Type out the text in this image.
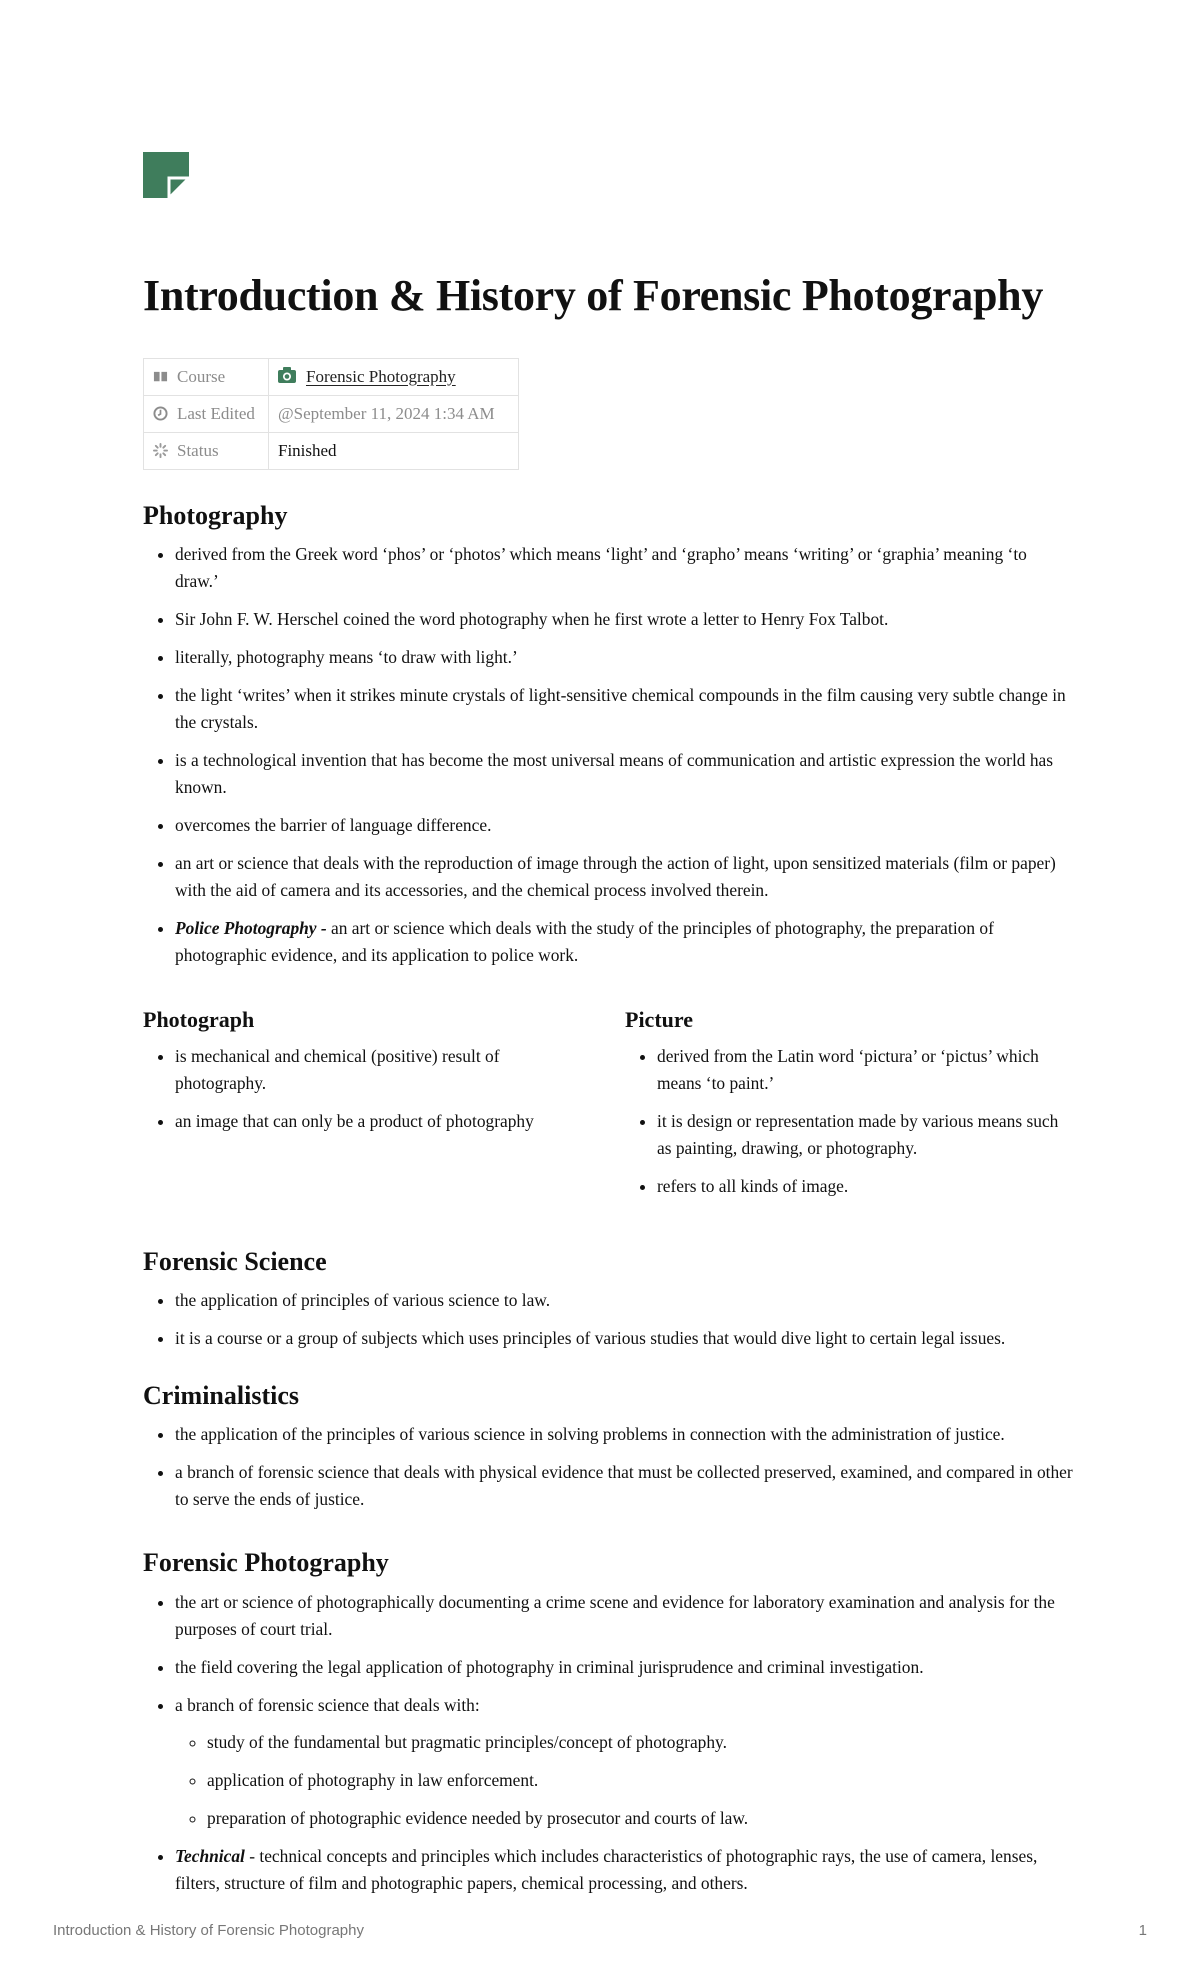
Introduction & History of Forensic Photography
Course	Forensic Photography
Last Edited	@September 11, 2024 1:34 AM
Status	Finished
Photography
• derived from the Greek word ‘phos’ or ‘photos’ which means ‘light’ and ‘grapho’ means ‘writing’ or ‘graphia’ meaning ‘to draw.’
• Sir John F. W. Herschel coined the word photography when he first wrote a letter to Henry Fox Talbot.
• literally, photography means ‘to draw with light.’
• the light ‘writes’ when it strikes minute crystals of light-sensitive chemical compounds in the film causing very subtle change in the crystals.
• is a technological invention that has become the most universal means of communication and artistic expression the world has known.
• overcomes the barrier of language difference.
• an art or science that deals with the reproduction of image through the action of light, upon sensitized materials (film or paper) with the aid of camera and its accessories, and the chemical process involved therein.
• Police Photography - an art or science which deals with the study of the principles of photography, the preparation of photographic evidence, and its application to police work.
Photograph
• is mechanical and chemical (positive) result of photography.
• an image that can only be a product of photography
Picture
• derived from the Latin word ‘pictura’ or ‘pictus’ which means ‘to paint.’
• it is design or representation made by various means such as painting, drawing, or photography.
• refers to all kinds of image.
Forensic Science
• the application of principles of various science to law.
• it is a course or a group of subjects which uses principles of various studies that would dive light to certain legal issues.
Criminalistics
• the application of the principles of various science in solving problems in connection with the administration of justice.
• a branch of forensic science that deals with physical evidence that must be collected preserved, examined, and compared in other to serve the ends of justice.
Forensic Photography
• the art or science of photographically documenting a crime scene and evidence for laboratory examination and analysis for the purposes of court trial.
• the field covering the legal application of photography in criminal jurisprudence and criminal investigation.
• a branch of forensic science that deals with:
◦ study of the fundamental but pragmatic principles/concept of photography.
◦ application of photography in law enforcement.
◦ preparation of photographic evidence needed by prosecutor and courts of law.
• Technical - technical concepts and principles which includes characteristics of photographic rays, the use of camera, lenses, filters, structure of film and photographic papers, chemical processing, and others.
Introduction & History of Forensic Photography	1
